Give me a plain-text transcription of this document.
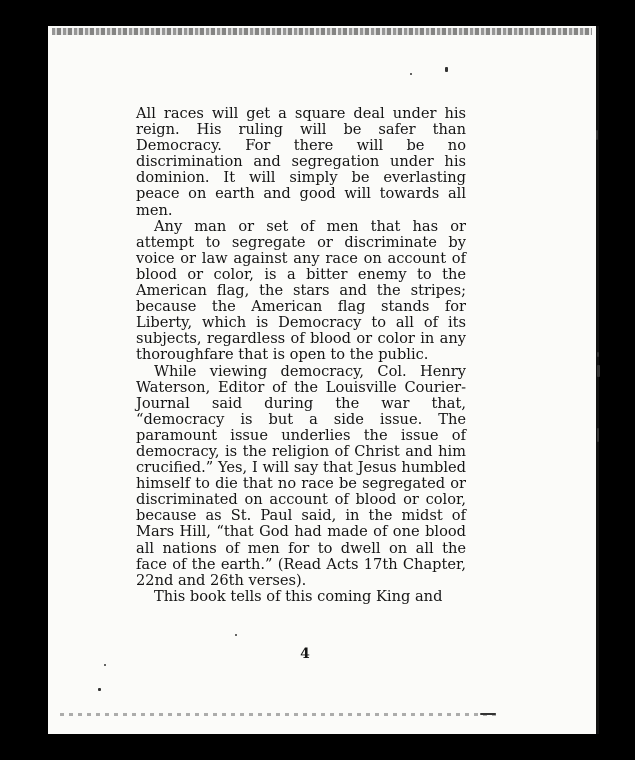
All races will get a square deal under his reign. His ruling will be safer than Democracy. For there will be no discrimination and segregation under his dominion. It will simply be everlasting peace on earth and good will towards all men.

Any man or set of men that has or attempt to segregate or discriminate by voice or law against any race on account of blood or color, is a bitter enemy to the American flag, the stars and the stripes; because the American flag stands for Liberty, which is Democracy to all of its subjects, regardless of blood or color in any thoroughfare that is open to the public.

While viewing democracy, Col. Henry Waterson, Editor of the Louisville Courier-Journal said during the war that, “democracy is but a side issue. The paramount issue underlies the issue of democracy, is the religion of Christ and him crucified.” Yes, I will say that Jesus humbled himself to die that no race be segregated or discriminated on account of blood or color, because as St. Paul said, in the midst of Mars Hill, “that God had made of one blood all nations of men for to dwell on all the face of the earth.” (Read Acts 17th Chapter, 22nd and 26th verses).

This book tells of this coming King and

4
